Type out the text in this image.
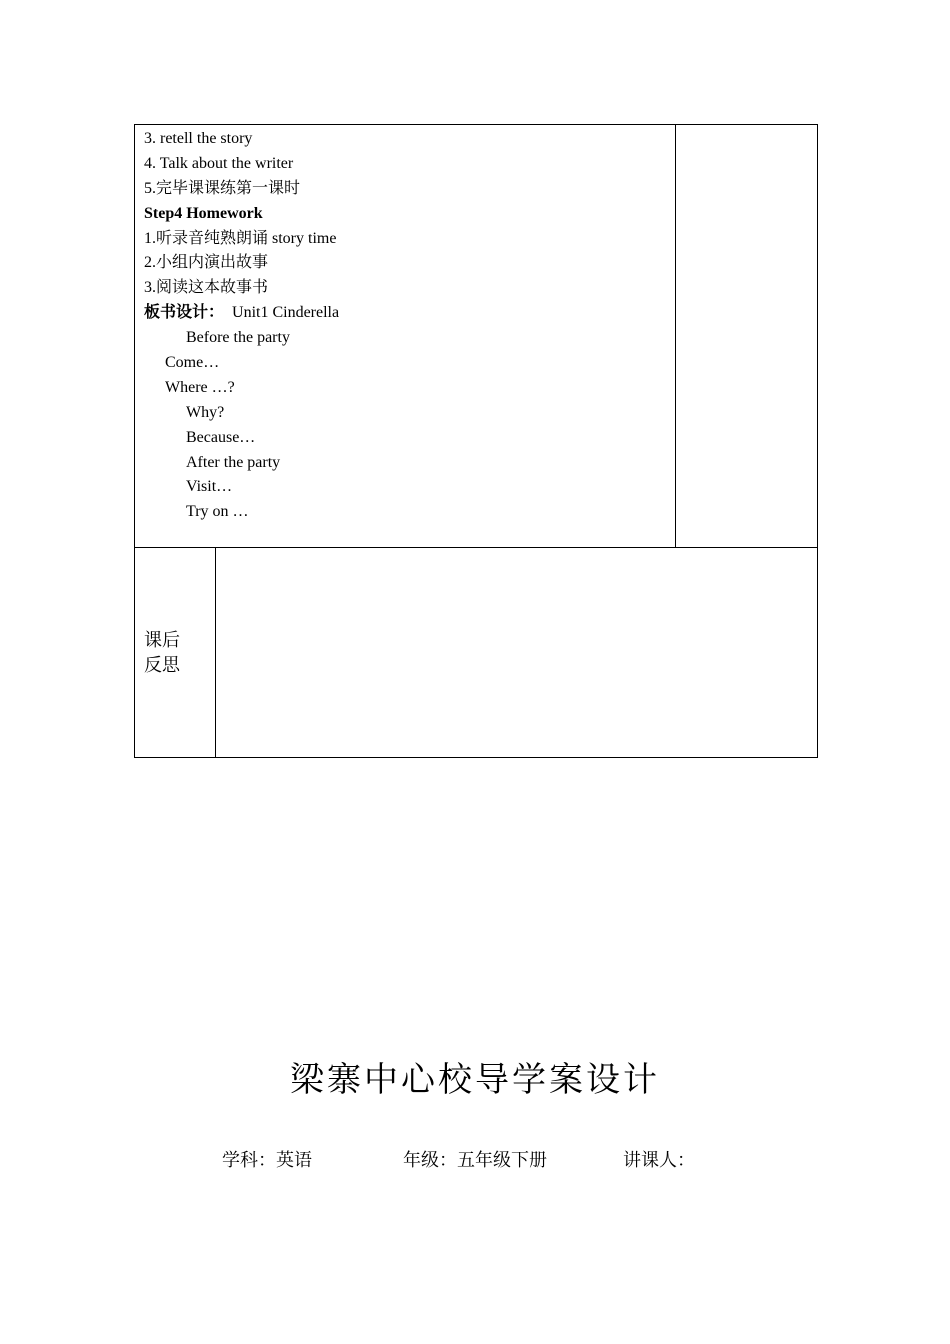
3. retell the story
4. Talk about the writer
5.完毕课课练第一课时
Step4 Homework
1.听录音纯熟朗诵 story time
2.小组内演出故事
3.阅读这本故事书
板书设计： Unit1 Cinderella
Before the party
Come…
Where …?
Why?
Because…
After the party
Visit…
Try on …
课后
反思
梁寨中心校导学案设计
学科：英语	年级：五年级下册	讲课人：
